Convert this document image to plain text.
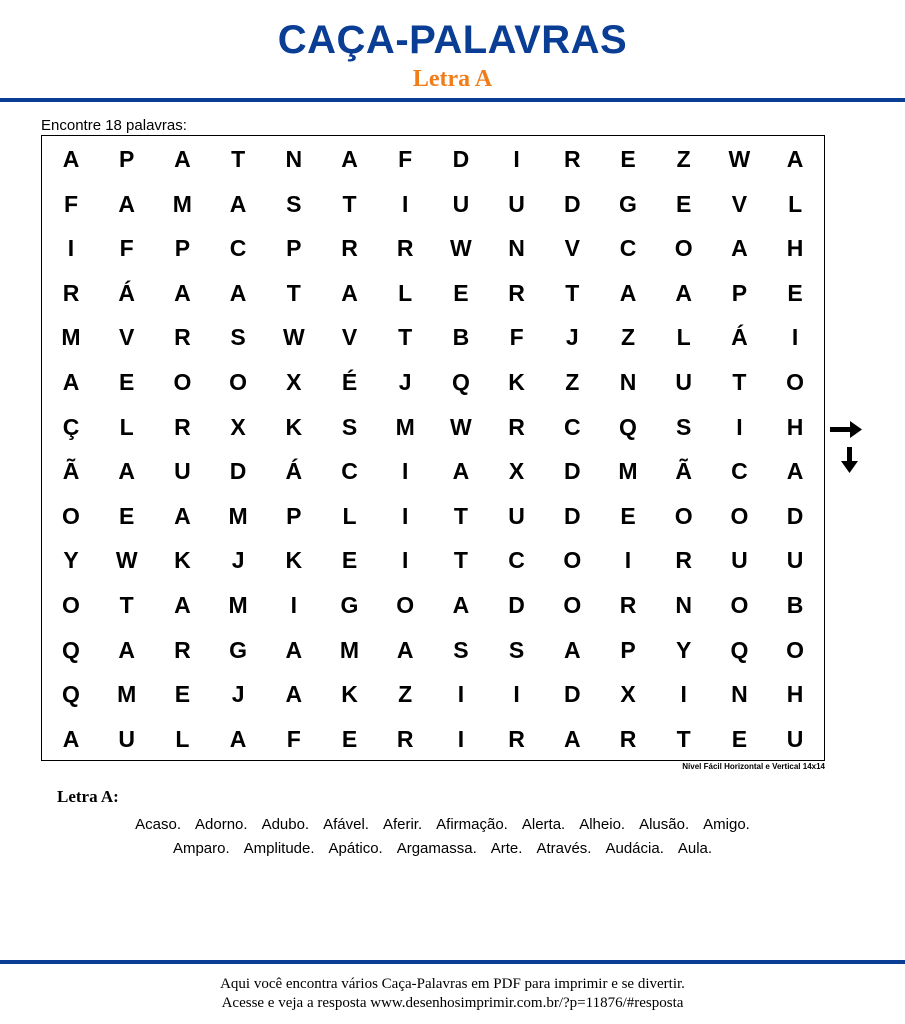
CAÇA-PALAVRAS
Letra A
Encontre 18 palavras:
A	P	A	T	N	A	F	D	I	R	E	Z	W	A
F	A	M	A	S	T	I	U	U	D	G	E	V	L
I	F	P	C	P	R	R	W	N	V	C	O	A	H
R	Á	A	A	T	A	L	E	R	T	A	A	P	E
M	V	R	S	W	V	T	B	F	J	Z	L	Á	I
A	E	O	O	X	É	J	Q	K	Z	N	U	T	O
Ç	L	R	X	K	S	M	W	R	C	Q	S	I	H
Ã	A	U	D	Á	C	I	A	X	D	M	Ã	C	A
O	E	A	M	P	L	I	T	U	D	E	O	O	D
Y	W	K	J	K	E	I	T	C	O	I	R	U	U
O	T	A	M	I	G	O	A	D	O	R	N	O	B
Q	A	R	G	A	M	A	S	S	A	P	Y	Q	O
Q	M	E	J	A	K	Z	I	I	D	X	I	N	H
A	U	L	A	F	E	R	I	R	A	R	T	E	U
Nível Fácil Horizontal e Vertical 14x14
Letra A:
Acaso. Adorno. Adubo. Afável. Aferir. Afirmação. Alerta. Alheio. Alusão. Amigo.
Amparo. Amplitude. Apático. Argamassa. Arte. Através. Audácia. Aula.
Aqui você encontra vários Caça-Palavras em PDF para imprimir e se divertir.
Acesse e veja a resposta www.desenhosimprimir.com.br/?p=11876/#resposta
